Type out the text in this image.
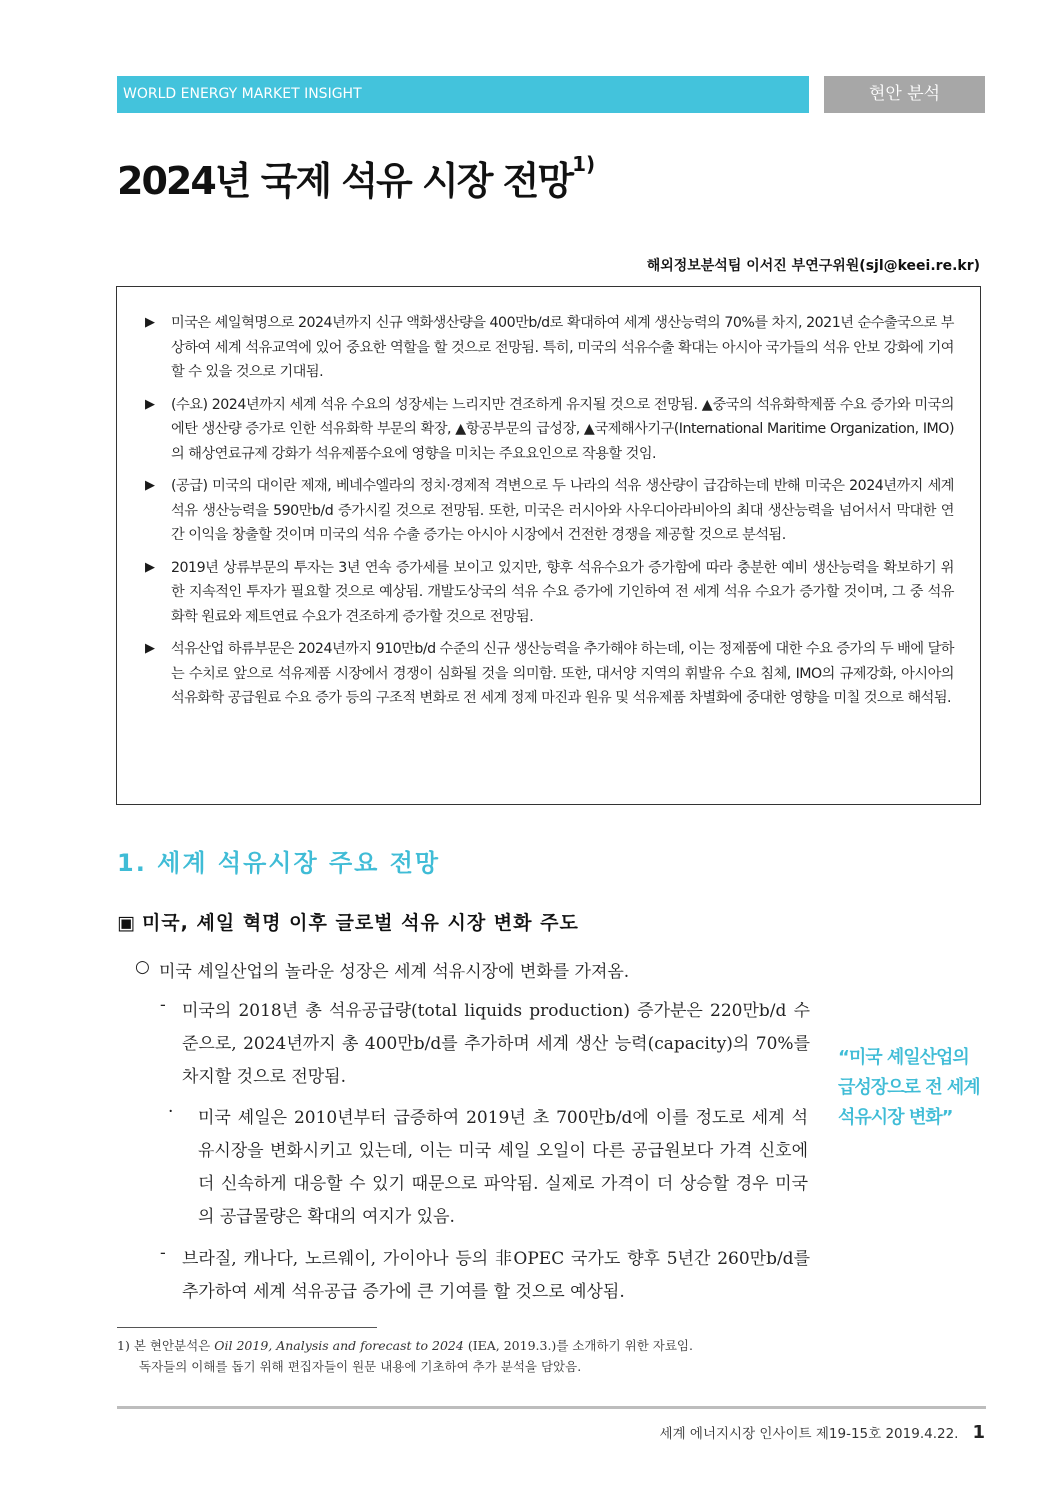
WORLD ENERGY MARKET INSIGHT	현안 분석
2024년 국제 석유 시장 전망$^{1)}$
해외정보분석팀 이서진 부연구위원(sjl@keei.re.kr)
▶	미국은 셰일혁명으로 2024년까지 신규 액화생산량을 400만b/d로 확대하여 세계 생산능력의 70%를 차지, 2021년 순수출국으로 부상하여 세계 석유교역에 있어 중요한 역할을 할 것으로 전망됨. 특히, 미국의 석유수출 확대는 아시아 국가들의 석유 안보 강화에 기여할 수 있을 것으로 기대됨.
▶	(수요) 2024년까지 세계 석유 수요의 성장세는 느리지만 견조하게 유지될 것으로 전망됨. ▲중국의 석유화학제품 수요 증가와 미국의 에탄 생산량 증가로 인한 석유화학 부문의 확장, ▲항공부문의 급성장, ▲국제해사기구(International Maritime Organization, IMO)의 해상연료규제 강화가 석유제품수요에 영향을 미치는 주요요인으로 작용할 것임.
▶	(공급) 미국의 대이란 제재, 베네수엘라의 정치·경제적 격변으로 두 나라의 석유 생산량이 급감하는데 반해 미국은 2024년까지 세계 석유 생산능력을 590만b/d 증가시킬 것으로 전망됨. 또한, 미국은 러시아와 사우디아라비아의 최대 생산능력을 넘어서서 막대한 연간 이익을 창출할 것이며 미국의 석유 수출 증가는 아시아 시장에서 건전한 경쟁을 제공할 것으로 분석됨.
▶	2019년 상류부문의 투자는 3년 연속 증가세를 보이고 있지만, 향후 석유수요가 증가함에 따라 충분한 예비 생산능력을 확보하기 위한 지속적인 투자가 필요할 것으로 예상됨. 개발도상국의 석유 수요 증가에 기인하여 전 세계 석유 수요가 증가할 것이며, 그 중 석유화학 원료와 제트연료 수요가 견조하게 증가할 것으로 전망됨.
▶	석유산업 하류부문은 2024년까지 910만b/d 수준의 신규 생산능력을 추가해야 하는데, 이는 정제품에 대한 수요 증가의 두 배에 달하는 수치로 앞으로 석유제품 시장에서 경쟁이 심화될 것을 의미함. 또한, 대서양 지역의 휘발유 수요 침체, IMO의 규제강화, 아시아의 석유화학 공급원료 수요 증가 등의 구조적 변화로 전 세계 정제 마진과 원유 및 석유제품 차별화에 중대한 영향을 미칠 것으로 해석됨.
1. 세계 석유시장 주요 전망
▣ 미국, 셰일 혁명 이후 글로벌 석유 시장 변화 주도
○ 미국 셰일산업의 놀라운 성장은 세계 석유시장에 변화를 가져옴.
- 미국의 2018년 총 석유공급량(total liquids production) 증가분은 220만b/d 수준으로, 2024년까지 총 400만b/d를 추가하며 세계 생산 능력(capacity)의 70%를 차지할 것으로 전망됨.
·	미국 셰일은 2010년부터 급증하여 2019년 초 700만b/d에 이를 정도로 세계 석유시장을 변화시키고 있는데, 이는 미국 셰일 오일이 다른 공급원보다 가격 신호에 더 신속하게 대응할 수 있기 때문으로 파악됨. 실제로 가격이 더 상승할 경우 미국의 공급물량은 확대의 여지가 있음.
- 브라질, 캐나다, 노르웨이, 가이아나 등의 非OPEC 국가도 향후 5년간 260만b/d를 추가하여 세계 석유공급 증가에 큰 기여를 할 것으로 예상됨.
“미국 셰일산업의 급성장으로 전 세계 석유시장 변화”
1) 본 현안분석은 Oil 2019, Analysis and forecast to 2024 (IEA, 2019.3.)를 소개하기 위한 자료임.
독자들의 이해를 돕기 위해 편집자들이 원문 내용에 기초하여 추가 분석을 담았음.
세계 에너지시장 인사이트 제19-15호 2019.4.22. 1
